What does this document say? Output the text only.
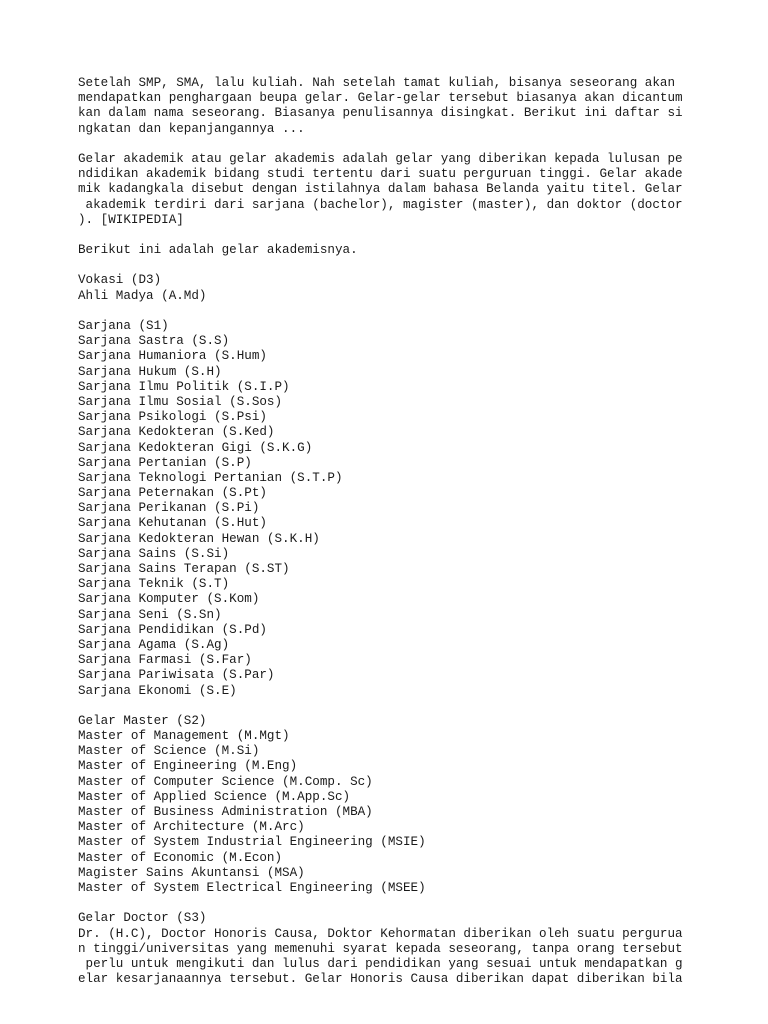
Setelah SMP, SMA, lalu kuliah. Nah setelah tamat kuliah, bisanya seseorang akan
mendapatkan penghargaan beupa gelar. Gelar-gelar tersebut biasanya akan dicantum
kan dalam nama seseorang. Biasanya penulisannya disingkat. Berikut ini daftar si
ngkatan dan kepanjangannya ...
Gelar akademik atau gelar akademis adalah gelar yang diberikan kepada lulusan pe
ndidikan akademik bidang studi tertentu dari suatu perguruan tinggi. Gelar akade
mik kadangkala disebut dengan istilahnya dalam bahasa Belanda yaitu titel. Gelar
akademik terdiri dari sarjana (bachelor), magister (master), dan doktor (doctor
). [WIKIPEDIA]
Berikut ini adalah gelar akademisnya.
Vokasi (D3)
Ahli Madya (A.Md)
Sarjana (S1)
Sarjana Sastra (S.S)
Sarjana Humaniora (S.Hum)
Sarjana Hukum (S.H)
Sarjana Ilmu Politik (S.I.P)
Sarjana Ilmu Sosial (S.Sos)
Sarjana Psikologi (S.Psi)
Sarjana Kedokteran (S.Ked)
Sarjana Kedokteran Gigi (S.K.G)
Sarjana Pertanian (S.P)
Sarjana Teknologi Pertanian (S.T.P)
Sarjana Peternakan (S.Pt)
Sarjana Perikanan (S.Pi)
Sarjana Kehutanan (S.Hut)
Sarjana Kedokteran Hewan (S.K.H)
Sarjana Sains (S.Si)
Sarjana Sains Terapan (S.ST)
Sarjana Teknik (S.T)
Sarjana Komputer (S.Kom)
Sarjana Seni (S.Sn)
Sarjana Pendidikan (S.Pd)
Sarjana Agama (S.Ag)
Sarjana Farmasi (S.Far)
Sarjana Pariwisata (S.Par)
Sarjana Ekonomi (S.E)
Gelar Master (S2)
Master of Management (M.Mgt)
Master of Science (M.Si)
Master of Engineering (M.Eng)
Master of Computer Science (M.Comp. Sc)
Master of Applied Science (M.App.Sc)
Master of Business Administration (MBA)
Master of Architecture (M.Arc)
Master of System Industrial Engineering (MSIE)
Master of Economic (M.Econ)
Magister Sains Akuntansi (MSA)
Master of System Electrical Engineering (MSEE)
Gelar Doctor (S3)
Dr. (H.C), Doctor Honoris Causa, Doktor Kehormatan diberikan oleh suatu pergurua
n tinggi/universitas yang memenuhi syarat kepada seseorang, tanpa orang tersebut
perlu untuk mengikuti dan lulus dari pendidikan yang sesuai untuk mendapatkan g
elar kesarjanaannya tersebut. Gelar Honoris Causa diberikan dapat diberikan bila
